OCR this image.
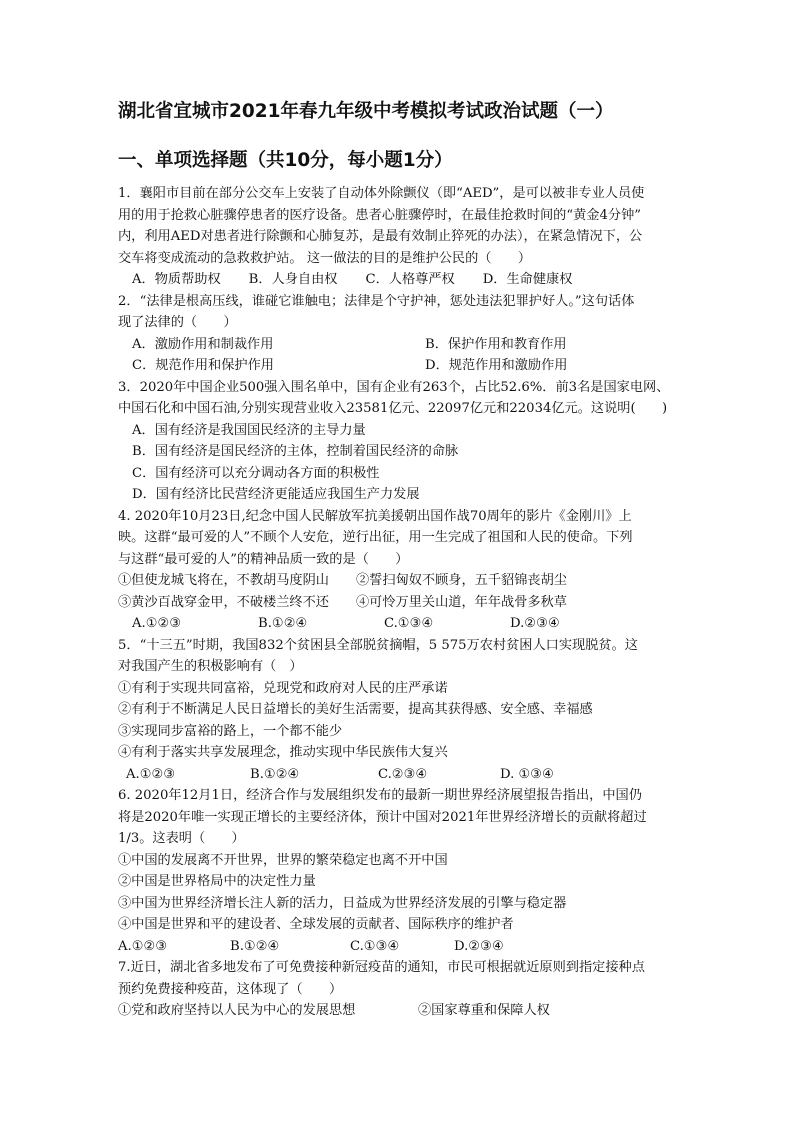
湖北省宜城市2021年春九年级中考模拟考试政治试题（一）
一、单项选择题（共10分，每小题1分）
1．襄阳市目前在部分公交车上安装了自动体外除颤仪（即“AED”，是可以被非专业人员使
用的用于抢救心脏骤停患者的医疗设备。患者心脏骤停时，在最佳抢救时间的“黄金4分钟”
内，利用AED对患者进行除颤和心肺复苏，是最有效制止猝死的办法），在紧急情况下，公
交车将变成流动的急救救护站。 这一做法的目的是维护公民的（　　）
A．物质帮助权 B．人身自由权 C．人格尊严权 D．生命健康权
2．“法律是根高压线，谁碰它谁触电；法律是个守护神，惩处违法犯罪护好人。”这句话体
现了法律的（　　）
A．激励作用和制裁作用	B．保护作用和教育作用
C．规范作用和保护作用	D．规范作用和激励作用
3．2020年中国企业500强入围名单中，国有企业有263个，占比52.6%．前3名是国家电网、
中国石化和中国石油,分别实现营业收入23581亿元、22097亿元和22034亿元。这说明(　　)
A．国有经济是我国国民经济的主导力量
B．国有经济是国民经济的主体，控制着国民经济的命脉
C．国有经济可以充分调动各方面的积极性
D．国有经济比民营经济更能适应我国生产力发展
4. 2020年10月23日,纪念中国人民解放军抗美援朝出国作战70周年的影片《金刚川》上
映。这群“最可爱的人”不顾个人安危，逆行出征，用一生完成了祖国和人民的使命。下列
与这群“最可爱的人”的精神品质一致的是（　　）
①但使龙城飞将在，不教胡马度阴山	②誓扫匈奴不顾身，五千貂锦丧胡尘
③黄沙百战穿金甲，不破楼兰终不还	④可怜万里关山道，年年战骨多秋草
A.①②③	B.①②④	C.①③④	D.②③④
5．“十三五”时期，我国832个贫困县全部脱贫摘帽，5 575万农村贫困人口实现脱贫。这
对我国产生的积极影响有（　）
①有利于实现共同富裕，兑现党和政府对人民的庄严承诺
②有利于不断满足人民日益增长的美好生活需要，提高其获得感、安全感、幸福感
③实现同步富裕的路上，一个都不能少
④有利于落实共享发展理念，推动实现中华民族伟大复兴
A.①②③	B.①②④	C.②③④	D. ①③④
6. 2020年12月1日，经济合作与发展组织发布的最新一期世界经济展望报告指出，中国仍
将是2020年唯一实现正增长的主要经济体，预计中国对2021年世界经济增长的贡献将超过
1/3。这表明（　　）
①中国的发展离不开世界，世界的繁荣稳定也离不开中国
②中国是世界格局中的决定性力量
③中国为世界经济增长注人新的活力，日益成为世界经济发展的引擎与稳定器
④中国是世界和平的建设者、全球发展的贡献者、国际秩序的维护者
A.①②③	B.①②④	C.①③④	D.②③④
7.近日，湖北省多地发布了可免费接种新冠疫苗的通知，市民可根据就近原则到指定接种点
预约免费接种疫苗，这体现了（　　）
①党和政府坚持以人民为中心的发展思想	②国家尊重和保障人权
